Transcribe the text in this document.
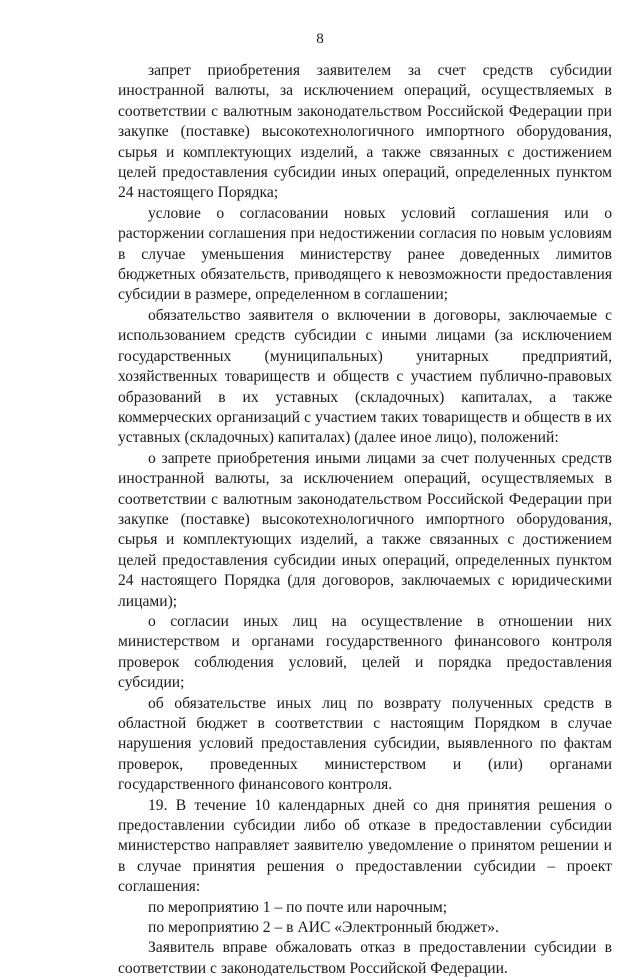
8

запрет приобретения заявителем за счет средств субсидии иностранной валюты, за исключением операций, осуществляемых в соответствии с валютным законодательством Российской Федерации при закупке (поставке) высокотехнологичного импортного оборудования, сырья и комплектующих изделий, а также связанных с достижением целей предоставления субсидии иных операций, определенных пунктом 24 настоящего Порядка;

условие о согласовании новых условий соглашения или о расторжении соглашения при недостижении согласия по новым условиям в случае уменьшения министерству ранее доведенных лимитов бюджетных обязательств, приводящего к невозможности предоставления субсидии в размере, определенном в соглашении;

обязательство заявителя о включении в договоры, заключаемые с использованием средств субсидии с иными лицами (за исключением государственных (муниципальных) унитарных предприятий, хозяйственных товариществ и обществ с участием публично-правовых образований в их уставных (складочных) капиталах, а также коммерческих организаций с участием таких товариществ и обществ в их уставных (складочных) капиталах) (далее иное лицо), положений:

о запрете приобретения иными лицами за счет полученных средств иностранной валюты, за исключением операций, осуществляемых в соответствии с валютным законодательством Российской Федерации при закупке (поставке) высокотехнологичного импортного оборудования, сырья и комплектующих изделий, а также связанных с достижением целей предоставления субсидии иных операций, определенных пунктом 24 настоящего Порядка (для договоров, заключаемых с юридическими лицами);

о согласии иных лиц на осуществление в отношении них министерством и органами государственного финансового контроля проверок соблюдения условий, целей и порядка предоставления субсидии;

об обязательстве иных лиц по возврату полученных средств в областной бюджет в соответствии с настоящим Порядком в случае нарушения условий предоставления субсидии, выявленного по фактам проверок, проведенных министерством и (или) органами государственного финансового контроля.

19. В течение 10 календарных дней со дня принятия решения о предоставлении субсидии либо об отказе в предоставлении субсидии министерство направляет заявителю уведомление о принятом решении и в случае принятия решения о предоставлении субсидии – проект соглашения:

по мероприятию 1 – по почте или нарочным;

по мероприятию 2 – в АИС «Электронный бюджет».

Заявитель вправе обжаловать отказ в предоставлении субсидии в соответствии с законодательством Российской Федерации.
